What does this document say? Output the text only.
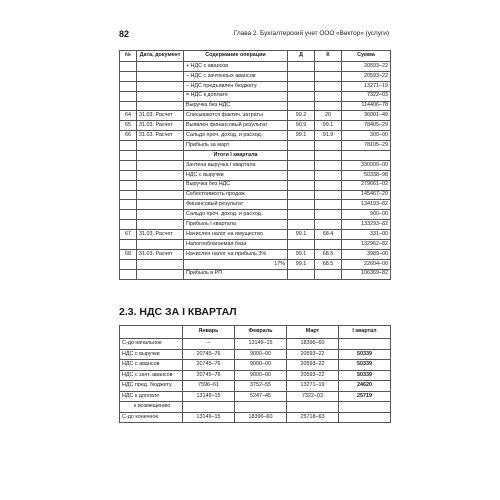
82	Глава 2. Бухгалтерский учет ООО «Вектор» (услуги)
№	Дата, документ	Содержание операции	Д	К	Сумма
		+ НДС с авансов			20593–22
		– НДС с зачтенных авансов			20593–22
		– НДС предъявлен бюджету			13271–19
		= НДС к доплате			7322–03
		Выручка без НДС			114406–78
64	31.03. Расчет	Списываются фактич. затраты	90.2	20	36001–49
65	31.03. Расчет	Выявлен финансовый результат	90.9	99.1	78405–29
66	31.03. Расчет	Сальдо проч. доход. и расход.	99.1	91.9	300–00
		Прибыль за март			78105–29
		Итоги I квартала			
		Зачтена выручка I квартала			330000–00
		НДС с выручки			50338–98
		Выручка без НДС			279661–02
		Себестоимость продаж			145467–20
		Финансовый результат			134193–82
		Сальдо проч. доход. и расход.			900–00
		Прибыль I квартала			133293–82
67	31.03. Расчет	Начислен налог на имущество	99.1	68.4	331–00
		Налогооблагаемая база			132962–82
68	31.03. Расчет	Начислен налог на прибыль 3%	99.1	68.5	3989–00
		17%	99.1	68.5	22604–00
		Прибыль в РП			106369–82
2.3. НДС ЗА I КВАРТАЛ
	Январь	Февраль	Март	I квартал
С-до начальное	–	13149–15	18396–60	
НДС с выручки	20745–76	9000–00	20593–22	50339
НДС с авансов	20745–76	9000–00	20593–22	50339
НДС с зачт. авансов	20745–76	9000–00	20593–22	50339
НДС пред. бюджету	7596–61	3752–55	13271–19	24620
НДС к доплате	13149–15	5247–45	7322–03	25719
к возмещению				
С-до конечное	13149–15	18396–60	25718–63	
